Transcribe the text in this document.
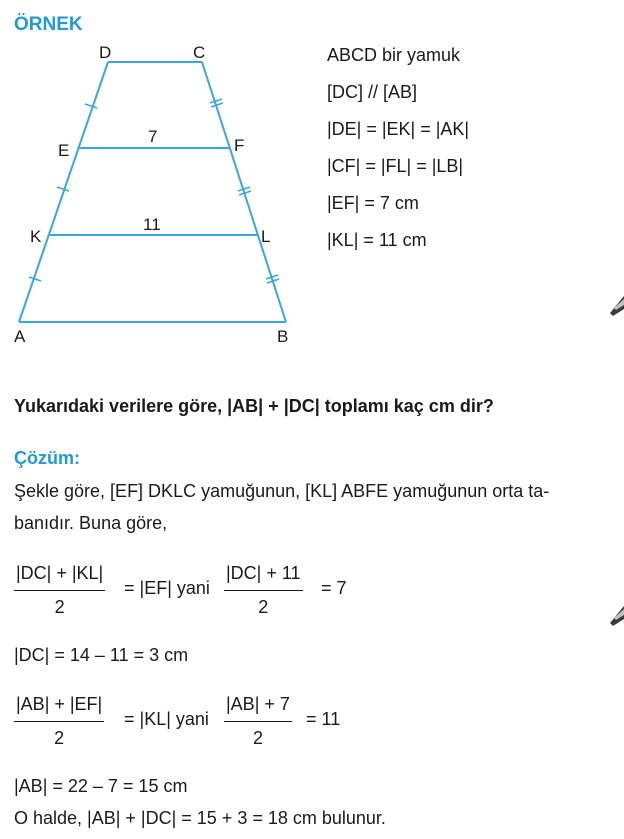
ÖRNEK
D	C
E	F
K	L
A	B
7
11
ABCD bir yamuk
[DC] // [AB]
|DE| = |EK| = |AK|
|CF| = |FL| = |LB|
|EF| = 7 cm
|KL| = 11 cm
Yukarıdaki verilere göre, |AB| + |DC| toplamı kaç cm dir?
Çözüm:
Şekle göre, [EF] DKLC yamuğunun, [KL] ABFE yamuğunun orta ta-
banıdır. Buna göre,
|DC| + |KL|
2
= |EF| yani
|DC| + 11
2
= 7
|DC| = 14 – 11 = 3 cm
|AB| + |EF|
2
= |KL| yani
|AB| + 7
2
= 11
|AB| = 22 – 7 = 15 cm
O halde, |AB| + |DC| = 15 + 3 = 18 cm bulunur.
